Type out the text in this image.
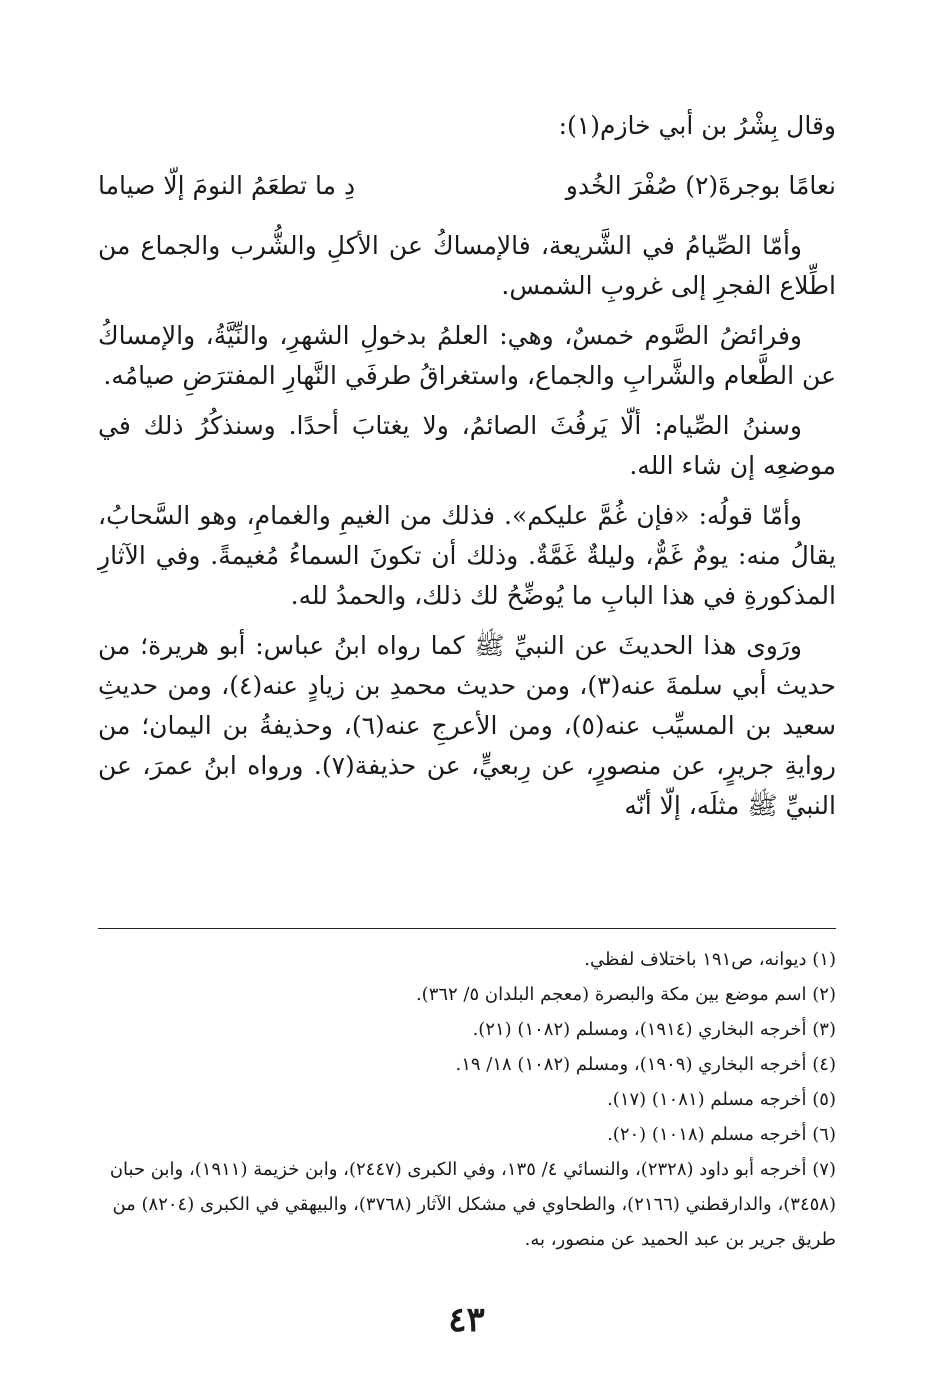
وقال بِشْرُ بن أبي خازم(١):
نعامًا بوجرةَ(٢) صُفْرَ الخُدو
دِ ما تطعَمُ النومَ إلّا صياما

وأمّا الصِّيامُ في الشَّريعة، فالإمساكُ عن الأكلِ والشُّرب والجماع من اطِّلاع الفجرِ إلى غروبِ الشمس.

وفرائضُ الصَّوم خمسٌ، وهي: العلمُ بدخولِ الشهرِ، والنِّيَّةُ، والإمساكُ عن الطَّعام والشَّرابِ والجماع، واستغراقُ طرفَي النَّهارِ المفترَضِ صيامُه.

وسننُ الصِّيام: ألّا يَرفُثَ الصائمُ، ولا يغتابَ أحدًا. وسنذكُرُ ذلك في موضعِه إن شاء الله.

وأمّا قولُه: «فإن غُمَّ عليكم». فذلك من الغيمِ والغمامِ، وهو السَّحابُ، يقالُ منه: يومٌ غَمٌّ، وليلةٌ غَمَّةٌ. وذلك أن تكونَ السماءُ مُغيمةً. وفي الآثارِ المذكورةِ في هذا البابِ ما يُوضِّحُ لك ذلك، والحمدُ لله.

ورَوى هذا الحديثَ عن النبيِّ ﷺ كما رواه ابنُ عباس: أبو هريرة؛ من حديث أبي سلمةَ عنه(٣)، ومن حديث محمدِ بن زيادٍ عنه(٤)، ومن حديثِ سعيد بن المسيِّب عنه(٥)، ومن الأعرجِ عنه(٦)، وحذيفةُ بن اليمان؛ من روايةِ جريرٍ، عن منصورٍ، عن رِبعيٍّ، عن حذيفة(٧). ورواه ابنُ عمرَ، عن النبيِّ ﷺ مثلَه، إلّا أنّه

(١) ديوانه، ص١٩١ باختلاف لفظي.

(٢) اسم موضع بين مكة والبصرة (معجم البلدان ٥/ ٣٦٢).

(٣) أخرجه البخاري (١٩١٤)، ومسلم (١٠٨٢) (٢١).

(٤) أخرجه البخاري (١٩٠٩)، ومسلم (١٠٨٢) ١٨/ ١٩.

(٥) أخرجه مسلم (١٠٨١) (١٧).

(٦) أخرجه مسلم (١٠١٨) (٢٠).

(٧) أخرجه أبو داود (٢٣٢٨)، والنسائي ٤/ ١٣٥، وفي الكبرى (٢٤٤٧)، وابن خزيمة (١٩١١)، وابن حبان (٣٤٥٨)، والدارقطني (٢١٦٦)، والطحاوي في مشكل الآثار (٣٧٦٨)، والبيهقي في الكبرى (٨٢٠٤) من طريق جرير بن عبد الحميد عن منصور، به.

٤٣
